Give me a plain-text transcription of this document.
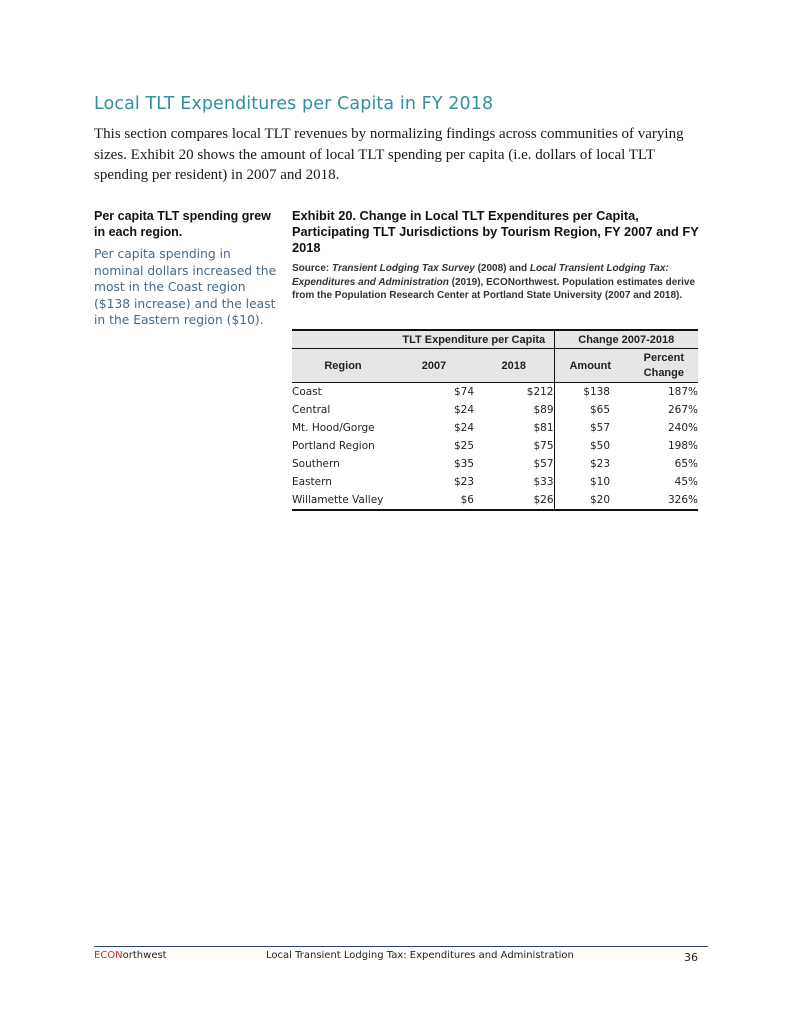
Local TLT Expenditures per Capita in FY 2018

This section compares local TLT revenues by normalizing findings across communities of varying sizes. Exhibit 20 shows the amount of local TLT spending per capita (i.e. dollars of local TLT spending per resident) in 2007 and 2018.

Per capita TLT spending grew in each region.

Per capita spending in nominal dollars increased the most in the Coast region ($138 increase) and the least in the Eastern region ($10).

Exhibit 20. Change in Local TLT Expenditures per Capita, Participating TLT Jurisdictions by Tourism Region, FY 2007 and FY 2018

Source: Transient Lodging Tax Survey (2008) and Local Transient Lodging Tax: Expenditures and Administration (2019), ECONorthwest. Population estimates derive from the Population Research Center at Portland State University (2007 and 2018).

	TLT Expenditure per Capita		Change 2007-2018	
Region	2007	2018	Amount	Percent Change
Coast	$74	$212	$138	187%
Central	$24	$89	$65	267%
Mt. Hood/Gorge	$24	$81	$57	240%
Portland Region	$25	$75	$50	198%
Southern	$35	$57	$23	65%
Eastern	$23	$33	$10	45%
Willamette Valley	$6	$26	$20	326%
ECONorthwest	Local Transient Lodging Tax: Expenditures and Administration	36
